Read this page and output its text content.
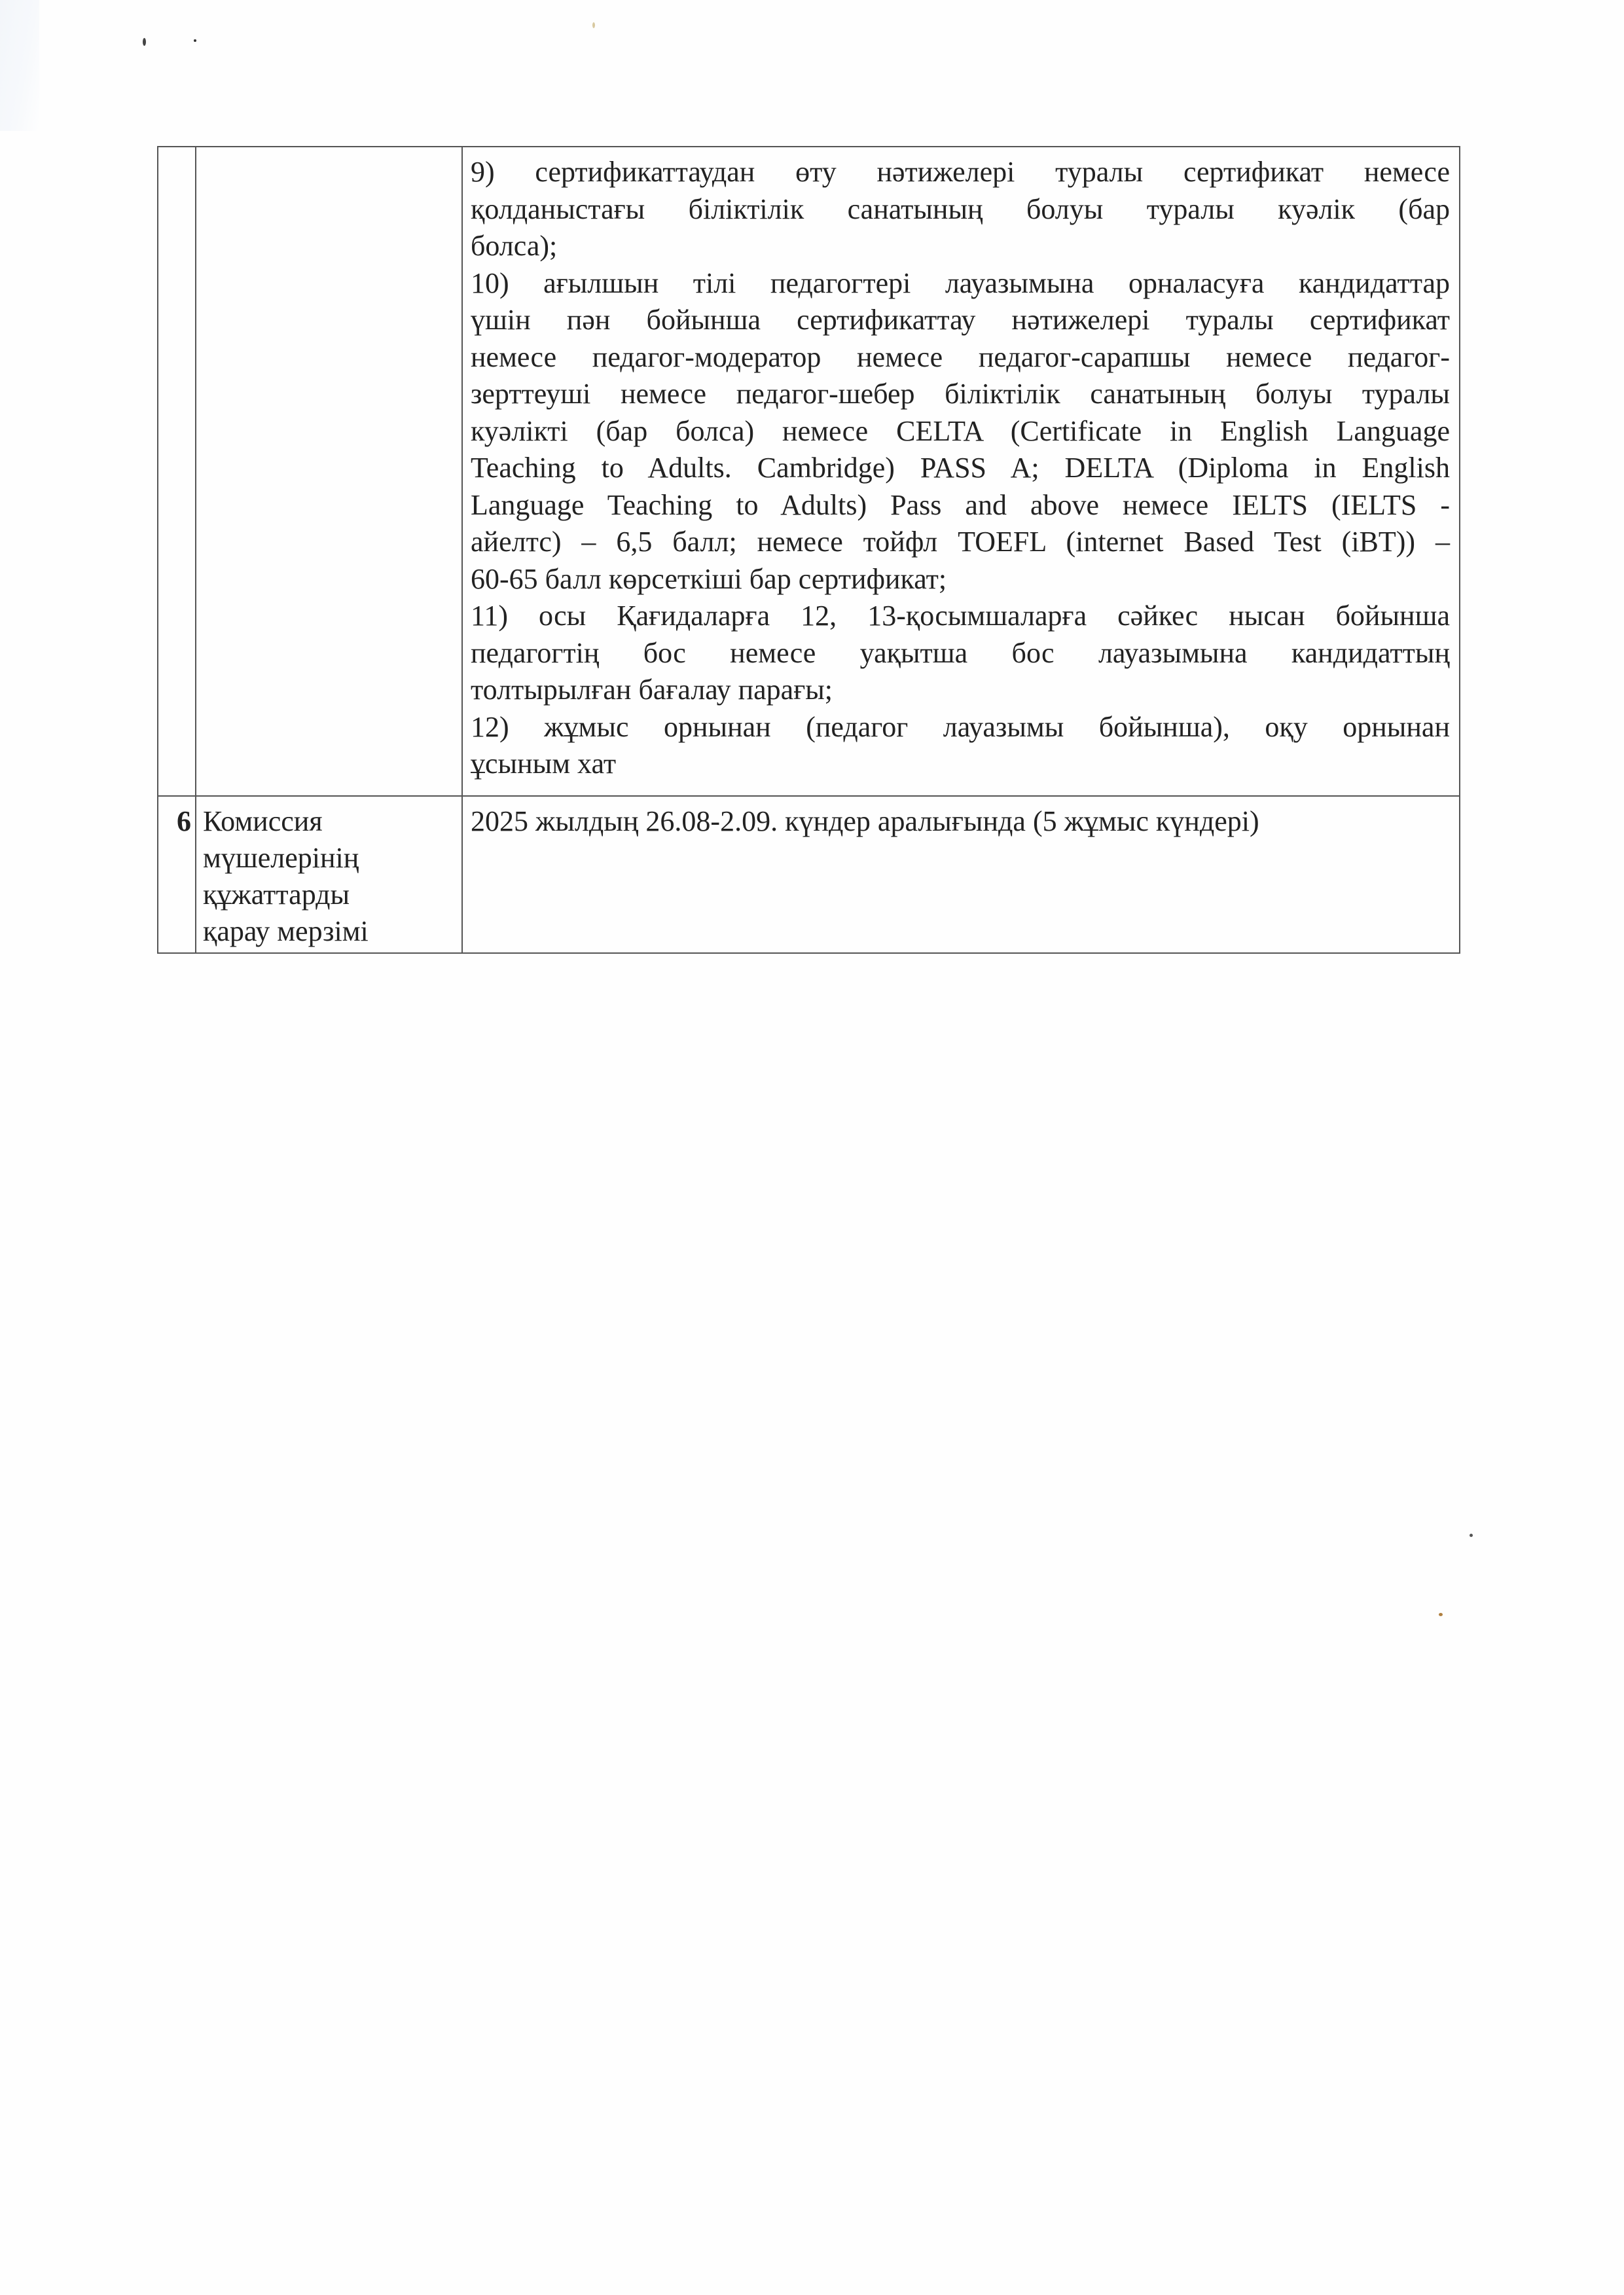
9) сертификаттаудан өту нәтижелері туралы сертификат немесе
қолданыстағы біліктілік санатының болуы туралы куәлік (бар
болса);
10) ағылшын тілі педагогтері лауазымына орналасуға кандидаттар
үшін пән бойынша сертификаттау нәтижелері туралы сертификат
немесе педагог-модератор немесе педагог-сарапшы немесе педагог-
зерттеуші немесе педагог-шебер біліктілік санатының болуы туралы
куәлікті (бар болса) немесе CELTA (Certificate in English Language
Teaching to Adults. Cambridge) PASS A; DELTA (Diploma in English
Language Teaching to Adults) Pass and above немесе IELTS (IELTS -
айелтс) – 6,5 балл; немесе тойфл TOEFL (internet Based Test (iBT)) –
60-65 балл көрсеткіші бар сертификат;
11) осы Қағидаларға 12, 13-қосымшаларға сәйкес нысан бойынша
педагогтің бос немесе уақытша бос лауазымына кандидаттың
толтырылған бағалау парағы;
12) жұмыс орнынан (педагог лауазымы бойынша), оқу орнынан
ұсыным хат

6	Комиссия
мүшелерінің
құжаттарды
қарау мерзімі	2025 жылдың 26.08-2.09. күндер аралығында (5 жұмыс күндері)
